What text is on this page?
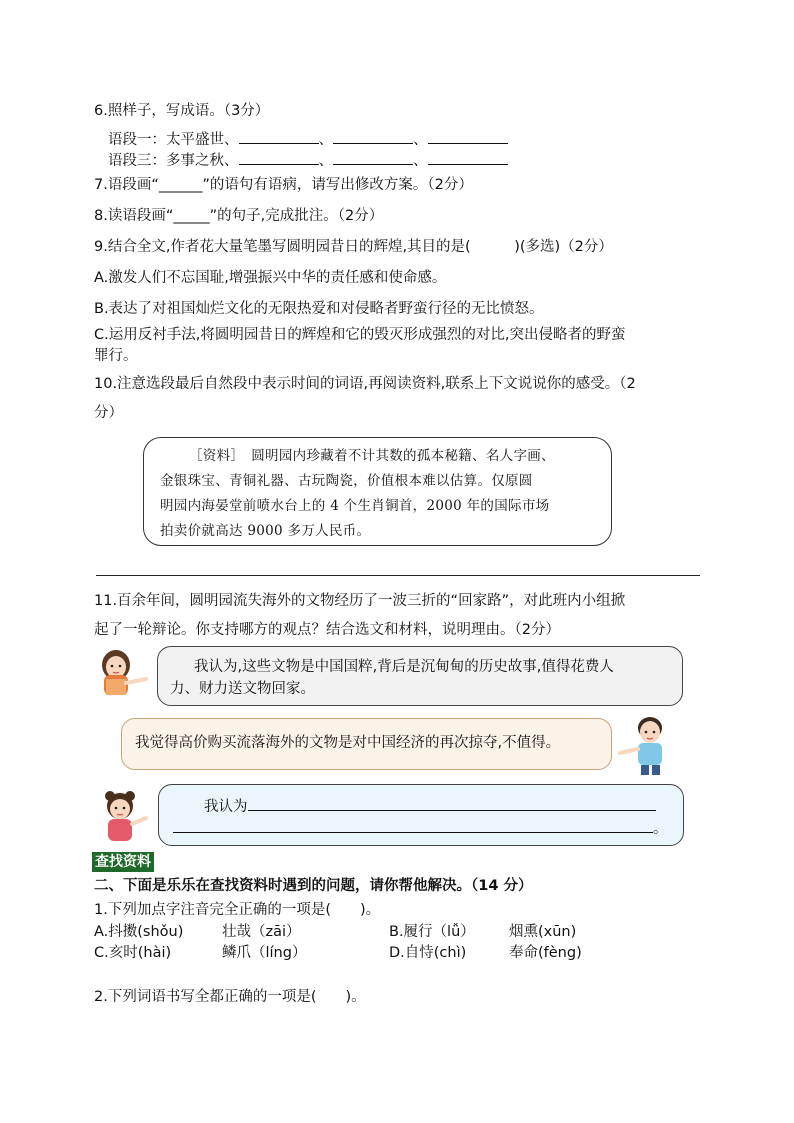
6.照样子，写成语。（3分）
语段一：太平盛世、	、	、
语段三：多事之秋、	、	、
7.语段画“______”的语句有语病，请写出修改方案。（2分）
8.读语段画“_____”的句子,完成批注。（2分）
9.结合全文,作者花大量笔墨写圆明园昔日的辉煌,其目的是(　　　)(多选)（2分）
A.激发人们不忘国耻,增强振兴中华的责任感和使命感。
B.表达了对祖国灿烂文化的无限热爱和对侵略者野蛮行径的无比愤怒。
C.运用反衬手法,将圆明园昔日的辉煌和它的毁灭形成强烈的对比,突出侵略者的野蛮
罪行。
10.注意选段最后自然段中表示时间的词语,再阅读资料,联系上下文说说你的感受。（2
分）
［资料］　圆明园内珍藏着不计其数的孤本秘籍、名人字画、
金银珠宝、青铜礼器、古玩陶瓷，价值根本难以估算。仅原圆
明园内海晏堂前喷水台上的 4 个生肖铜首，2000 年的国际市场
拍卖价就高达 9000 多万人民币。
11.百余年间，圆明园流失海外的文物经历了一波三折的“回家路”，对此班内小组掀
起了一轮辩论。你支持哪方的观点？结合选文和材料，说明理由。（2分）
我认为,这些文物是中国国粹,背后是沉甸甸的历史故事,值得花费人
力、财力送文物回家。
我觉得高价购买流落海外的文物是对中国经济的再次掠夺,不值得。
我认为
。
查找资料
二、下面是乐乐在查找资料时遇到的问题，请你帮他解决。（14 分）
1.下列加点字注音完全正确的一项是(　　)。
A.抖擞(shǒu)	壮哉（zāi）	B.履行（lǚ） 烟熏(xūn)
C.亥时(hài)	鳞爪（líng）	D.自恃(chì)	奉命(fèng)
2.下列词语书写全都正确的一项是(　　)。
